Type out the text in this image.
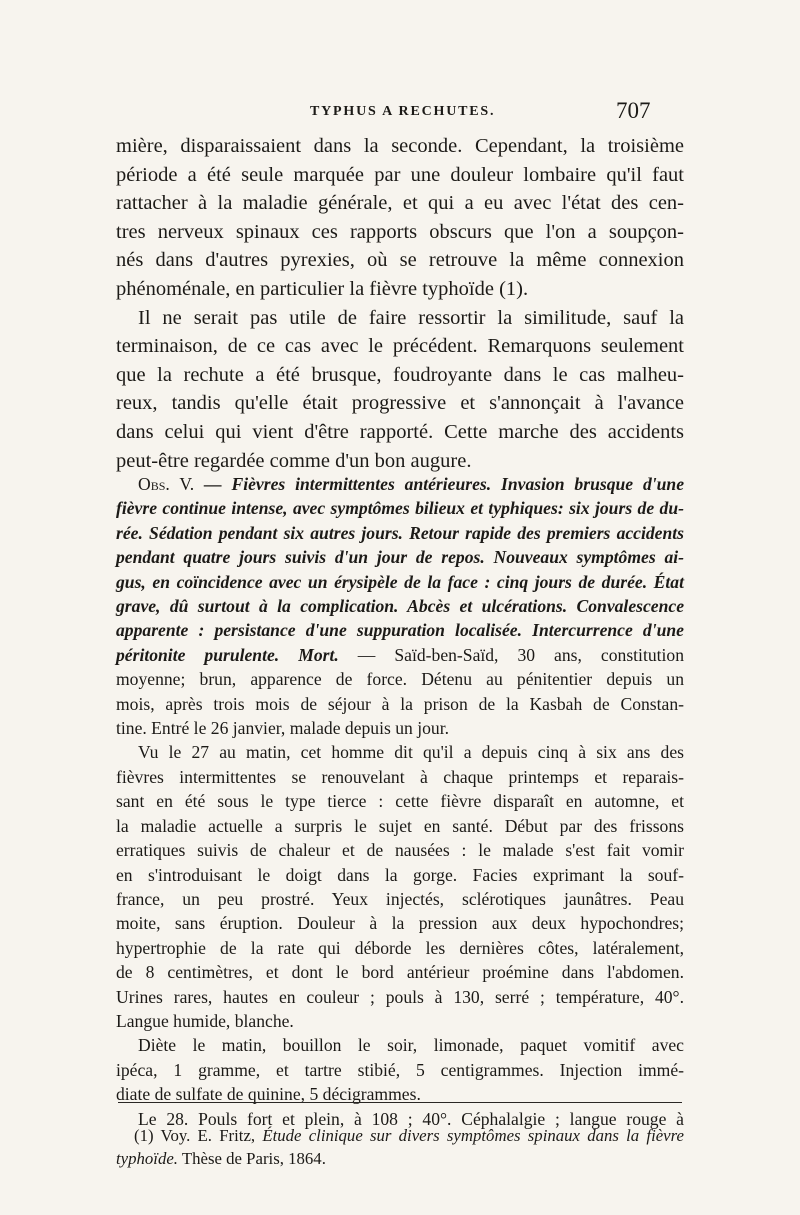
TYPHUS A RECHUTES.	707
mière, disparaissaient dans la seconde. Cependant, la troisième
période a été seule marquée par une douleur lombaire qu'il faut
rattacher à la maladie générale, et qui a eu avec l'état des cen-
tres nerveux spinaux ces rapports obscurs que l'on a soupçon-
nés dans d'autres pyrexies, où se retrouve la même connexion
phénoménale, en particulier la fièvre typhoïde (1).
Il ne serait pas utile de faire ressortir la similitude, sauf la
terminaison, de ce cas avec le précédent. Remarquons seulement
que la rechute a été brusque, foudroyante dans le cas malheu-
reux, tandis qu'elle était progressive et s'annonçait à l'avance
dans celui qui vient d'être rapporté. Cette marche des accidents
peut-être regardée comme d'un bon augure.
Obs. V. — Fièvres intermittentes antérieures. Invasion brusque d'une
fièvre continue intense, avec symptômes bilieux et typhiques: six jours de du-
rée. Sédation pendant six autres jours. Retour rapide des premiers accidents
pendant quatre jours suivis d'un jour de repos. Nouveaux symptômes ai-
gus, en coïncidence avec un érysipèle de la face : cinq jours de durée. État
grave, dû surtout à la complication. Abcès et ulcérations. Convalescence
apparente : persistance d'une suppuration localisée. Intercurrence d'une
péritonite purulente. Mort. — Saïd-ben-Saïd, 30 ans, constitution
moyenne; brun, apparence de force. Détenu au pénitentier depuis un
mois, après trois mois de séjour à la prison de la Kasbah de Constan-
tine. Entré le 26 janvier, malade depuis un jour.
Vu le 27 au matin, cet homme dit qu'il a depuis cinq à six ans des
fièvres intermittentes se renouvelant à chaque printemps et reparais-
sant en été sous le type tierce : cette fièvre disparaît en automne, et
la maladie actuelle a surpris le sujet en santé. Début par des frissons
erratiques suivis de chaleur et de nausées : le malade s'est fait vomir
en s'introduisant le doigt dans la gorge. Facies exprimant la souf-
france, un peu prostré. Yeux injectés, sclérotiques jaunâtres. Peau
moite, sans éruption. Douleur à la pression aux deux hypochondres;
hypertrophie de la rate qui déborde les dernières côtes, latéralement,
de 8 centimètres, et dont le bord antérieur proémine dans l'abdomen.
Urines rares, hautes en couleur ; pouls à 130, serré ; température, 40°.
Langue humide, blanche.
Diète le matin, bouillon le soir, limonade, paquet vomitif avec
ipéca, 1 gramme, et tartre stibié, 5 centigrammes. Injection immé-
diate de sulfate de quinine, 5 décigrammes.
Le 28. Pouls fort et plein, à 108 ; 40°. Céphalalgie ; langue rouge à
(1) Voy. E. Fritz, Étude clinique sur divers symptômes spinaux dans la fièvre
typhoïde. Thèse de Paris, 1864.
